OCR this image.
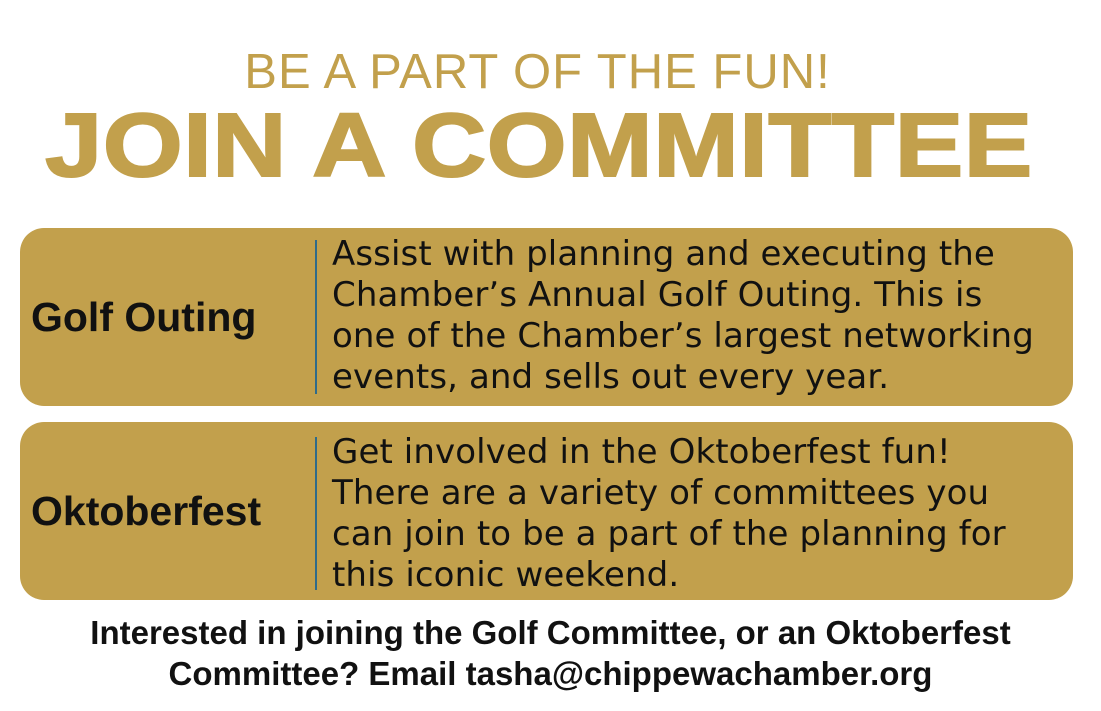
BE A PART OF THE FUN!
JOIN A COMMITTEE
Golf Outing
Assist with planning and executing the
Chamber’s Annual Golf Outing. This is
one of the Chamber’s largest networking
events, and sells out every year.
Oktoberfest
Get involved in the Oktoberfest fun!
There are a variety of committees you
can join to be a part of the planning for
this iconic weekend.
Interested in joining the Golf Committee, or an Oktoberfest
Committee? Email tasha@chippewachamber.org
